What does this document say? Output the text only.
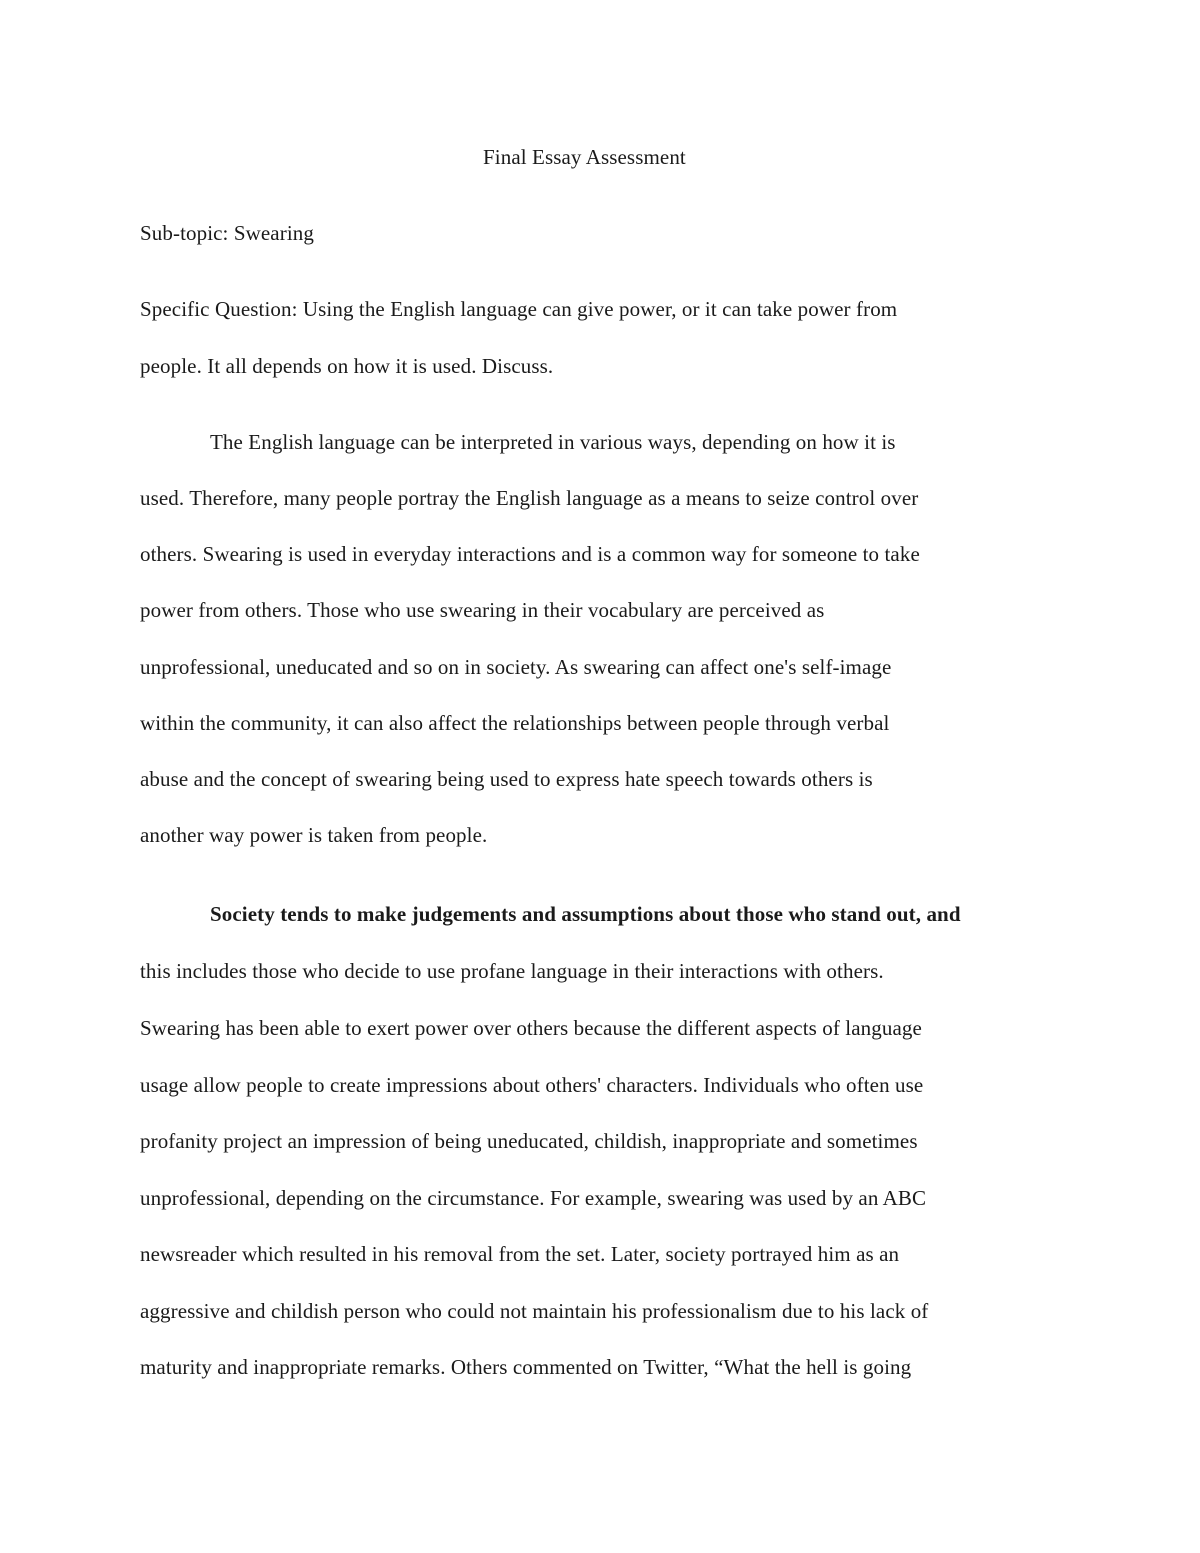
Final Essay Assessment
Sub-topic: Swearing
Specific Question: Using the English language can give power, or it can take power from
people. It all depends on how it is used. Discuss.
The English language can be interpreted in various ways, depending on how it is
used. Therefore, many people portray the English language as a means to seize control over
others. Swearing is used in everyday interactions and is a common way for someone to take
power from others. Those who use swearing in their vocabulary are perceived as
unprofessional, uneducated and so on in society. As swearing can affect one's self-image
within the community, it can also affect the relationships between people through verbal
abuse and the concept of swearing being used to express hate speech towards others is
another way power is taken from people.
Society tends to make judgements and assumptions about those who stand out, and
this includes those who decide to use profane language in their interactions with others.
Swearing has been able to exert power over others because the different aspects of language
usage allow people to create impressions about others' characters. Individuals who often use
profanity project an impression of being uneducated, childish, inappropriate and sometimes
unprofessional, depending on the circumstance. For example, swearing was used by an ABC
newsreader which resulted in his removal from the set. Later, society portrayed him as an
aggressive and childish person who could not maintain his professionalism due to his lack of
maturity and inappropriate remarks. Others commented on Twitter, “What the hell is going
